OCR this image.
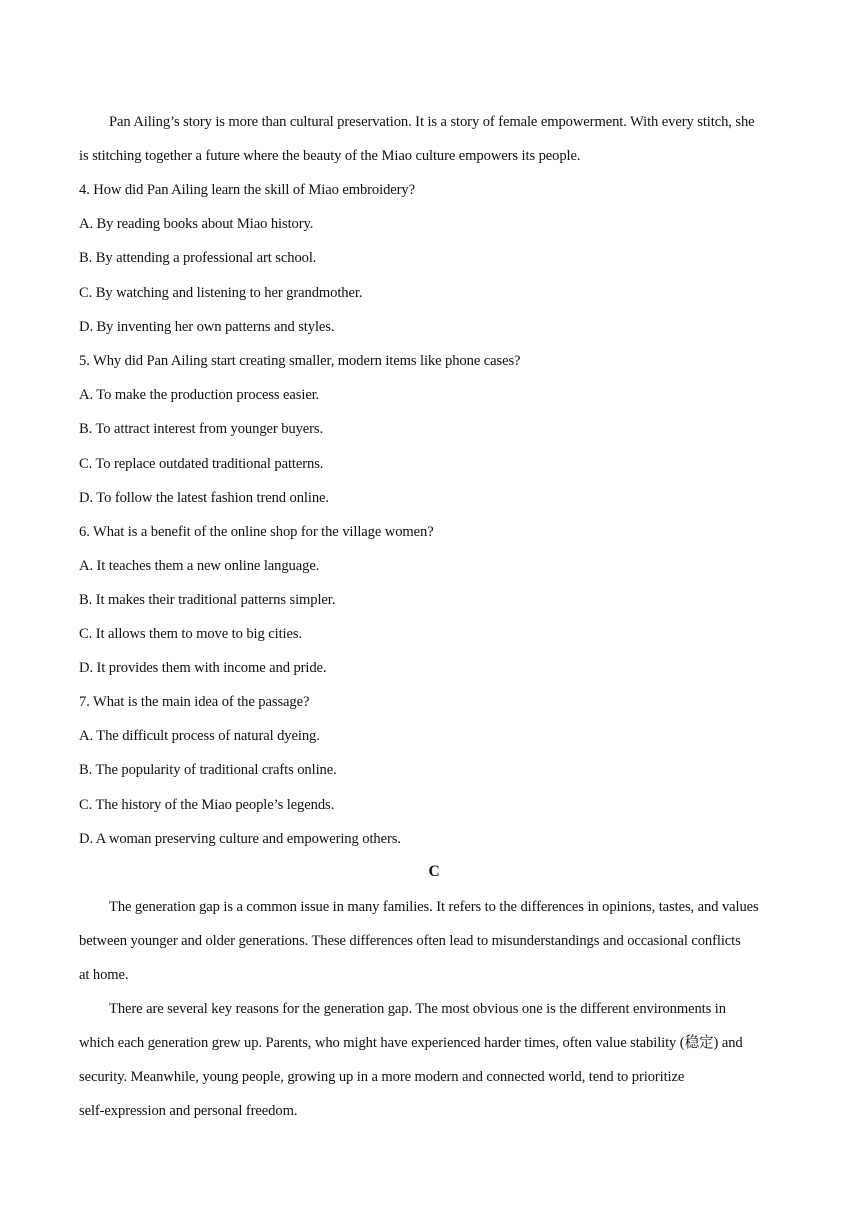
Pan Ailing’s story is more than cultural preservation. It is a story of female empowerment. With every stitch, she
is stitching together a future where the beauty of the Miao culture empowers its people.
4. How did Pan Ailing learn the skill of Miao embroidery?
A. By reading books about Miao history.
B. By attending a professional art school.
C. By watching and listening to her grandmother.
D. By inventing her own patterns and styles.
5. Why did Pan Ailing start creating smaller, modern items like phone cases?
A. To make the production process easier.
B. To attract interest from younger buyers.
C. To replace outdated traditional patterns.
D. To follow the latest fashion trend online.
6. What is a benefit of the online shop for the village women?
A. It teaches them a new online language.
B. It makes their traditional patterns simpler.
C. It allows them to move to big cities.
D. It provides them with income and pride.
7. What is the main idea of the passage?
A. The difficult process of natural dyeing.
B. The popularity of traditional crafts online.
C. The history of the Miao people’s legends.
D. A woman preserving culture and empowering others.
C
The generation gap is a common issue in many families. It refers to the differences in opinions, tastes, and values
between younger and older generations. These differences often lead to misunderstandings and occasional conflicts
at home.
There are several key reasons for the generation gap. The most obvious one is the different environments in
which each generation grew up. Parents, who might have experienced harder times, often value stability (稳定) and
security. Meanwhile, young people, growing up in a more modern and connected world, tend to prioritize
self-expression and personal freedom.
